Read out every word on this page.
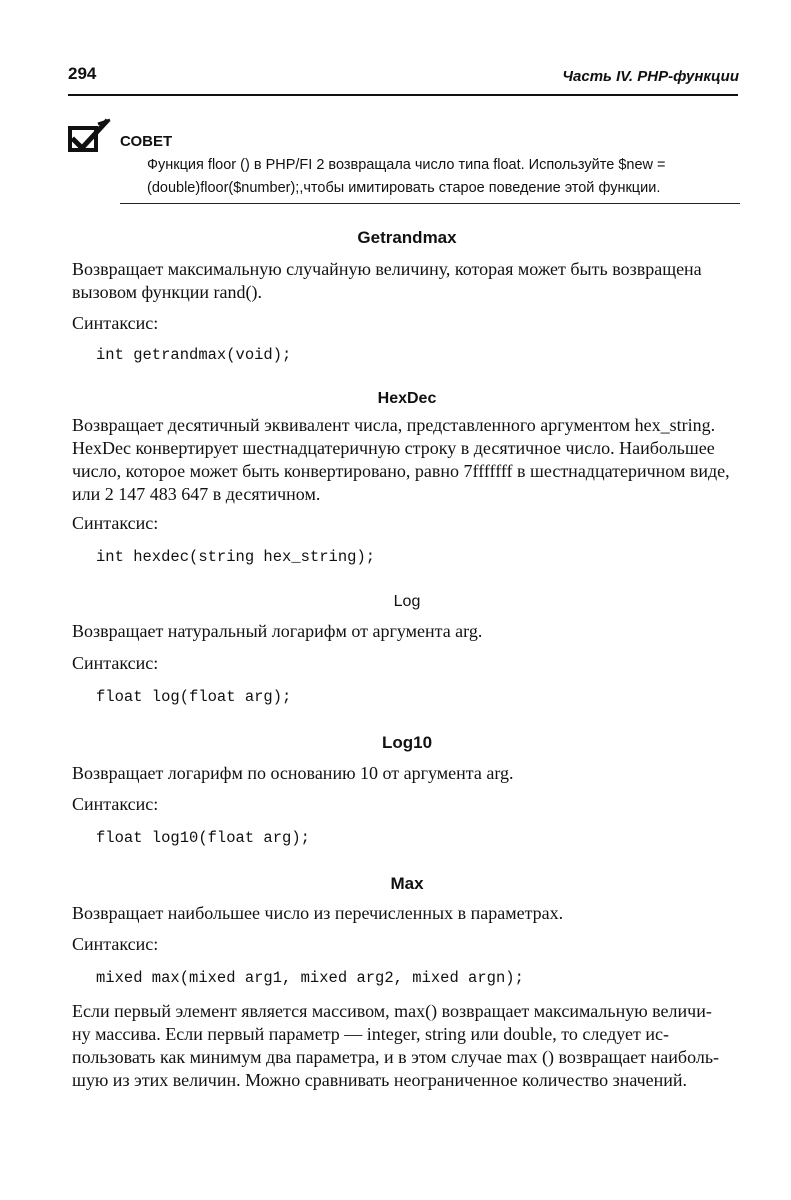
294	Часть IV. PHP-функции
СОВЕТ
Функция floor () в PHP/FI 2 возвращала число типа float. Используйте $new =
(double)floor($number);,чтобы имитировать старое поведение этой функции.
Getrandmax
Возвращает максимальную случайную величину, которая может быть возвращена
вызовом функции rand().
Синтаксис:
int getrandmax(void);
HexDec
Возвращает десятичный эквивалент числа, представленного аргументом hex_string.
HexDec конвертирует шестнадцатеричную строку в десятичное число. Наибольшее
число, которое может быть конвертировано, равно 7fffffff в шестнадцатеричном виде,
или 2 147 483 647 в десятичном.
Синтаксис:
int hexdec(string hex_string);
Log
Возвращает натуральный логарифм от аргумента arg.
Синтаксис:
float log(float arg);
Log10
Возвращает логарифм по основанию 10 от аргумента arg.
Синтаксис:
float log10(float arg);
Max
Возвращает наибольшее число из перечисленных в параметрах.
Синтаксис:
mixed max(mixed arg1, mixed arg2, mixed argn);
Если первый элемент является массивом, max() возвращает максимальную величи-
ну массива. Если первый параметр — integer, string или double, то следует ис-
пользовать как минимум два параметра, и в этом случае max () возвращает наиболь-
шую из этих величин. Можно сравнивать неограниченное количество значений.
